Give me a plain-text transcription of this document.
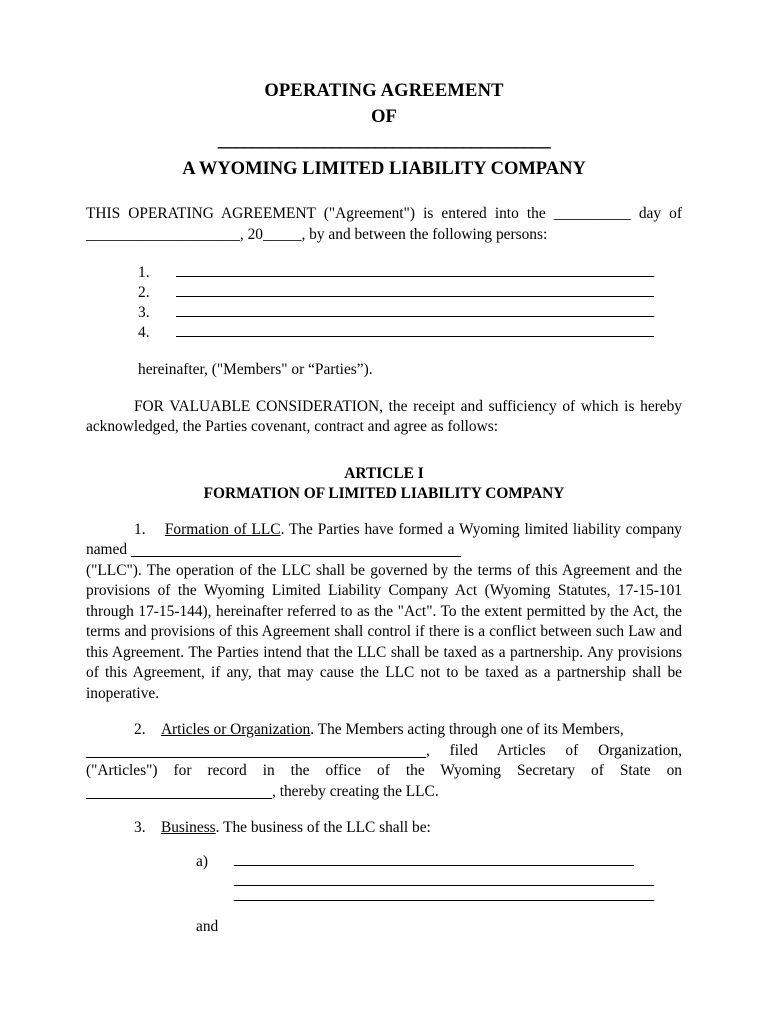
OPERATING AGREEMENT
OF
______________________________________
A WYOMING LIMITED LIABILITY COMPANY

THIS OPERATING AGREEMENT ("Agreement") is entered into the __________ day of ____________________, 20_____, by and between the following persons:

1.
2.
3.
4.

hereinafter, ("Members" or “Parties”).

FOR VALUABLE CONSIDERATION, the receipt and sufficiency of which is hereby acknowledged, the Parties covenant, contract and agree as follows:

ARTICLE I
FORMATION OF LIMITED LIABILITY COMPANY

1. Formation of LLC. The Parties have formed a Wyoming limited liability company named

("LLC"). The operation of the LLC shall be governed by the terms of this Agreement and the provisions of the Wyoming Limited Liability Company Act (Wyoming Statutes, 17-15-101 through 17-15-144), hereinafter referred to as the "Act". To the extent permitted by the Act, the terms and provisions of this Agreement shall control if there is a conflict between such Law and this Agreement. The Parties intend that the LLC shall be taxed as a partnership. Any provisions of this Agreement, if any, that may cause the LLC not to be taxed as a partnership shall be inoperative.

2. Articles or Organization. The Members acting through one of its Members,

, filed Articles of Organization, ("Articles") for record in the office of the Wyoming Secretary of State on , thereby creating the LLC.

3. Business. The business of the LLC shall be:

a)

and
